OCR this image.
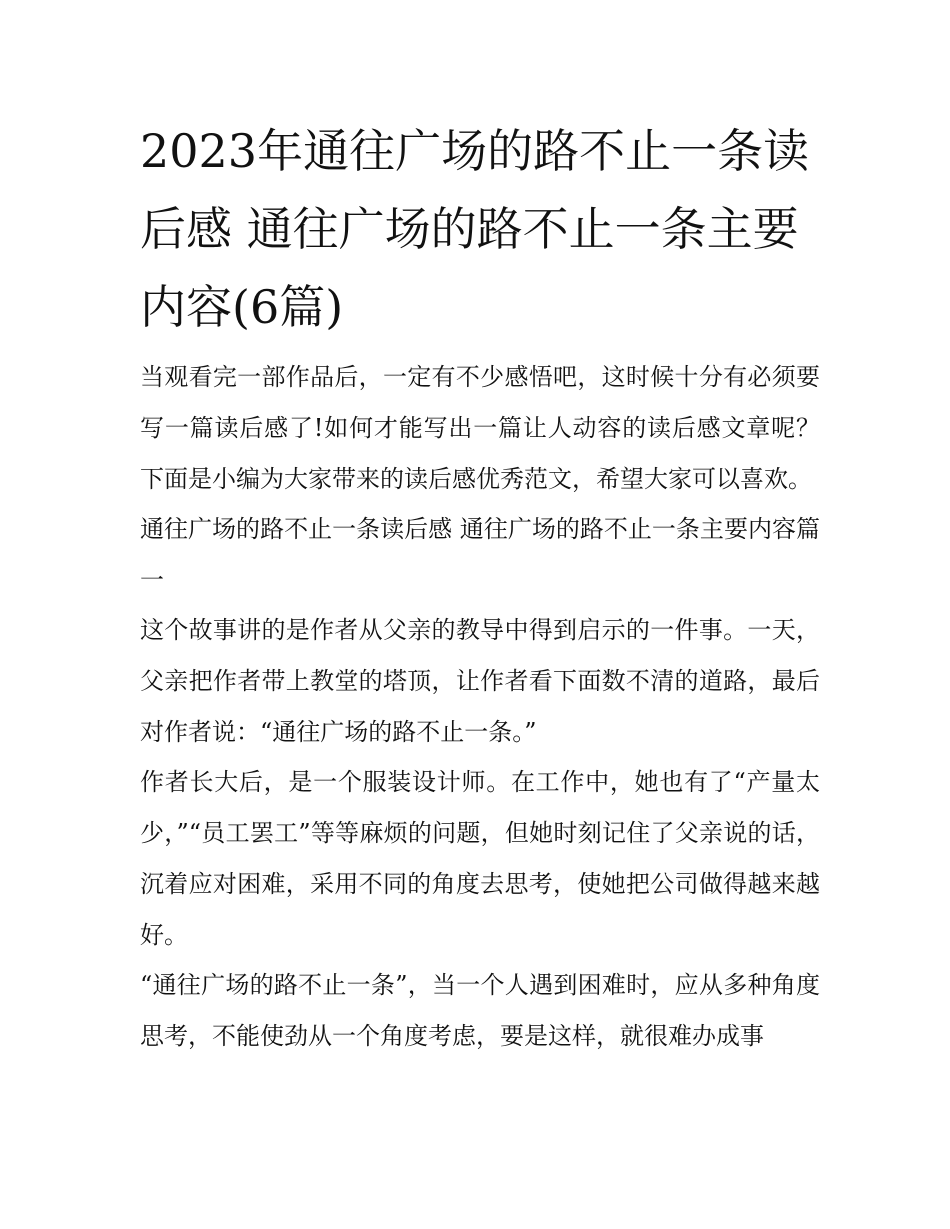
2023年通往广场的路不止一条读后感 通往广场的路不止一条主要内容(6篇)

当观看完一部作品后，一定有不少感悟吧，这时候十分有必须要写一篇读后感了!如何才能写出一篇让人动容的读后感文章呢？下面是小编为大家带来的读后感优秀范文，希望大家可以喜欢。

通往广场的路不止一条读后感 通往广场的路不止一条主要内容篇一

这个故事讲的是作者从父亲的教导中得到启示的一件事。一天，父亲把作者带上教堂的塔顶，让作者看下面数不清的道路，最后对作者说：“通往广场的路不止一条。”

作者长大后，是一个服装设计师。在工作中，她也有了“产量太少，”“员工罢工”等等麻烦的问题，但她时刻记住了父亲说的话，沉着应对困难，采用不同的角度去思考，使她把公司做得越来越好。

“通往广场的路不止一条”，当一个人遇到困难时，应从多种角度思考，不能使劲从一个角度考虑，要是这样，就很难办成事
